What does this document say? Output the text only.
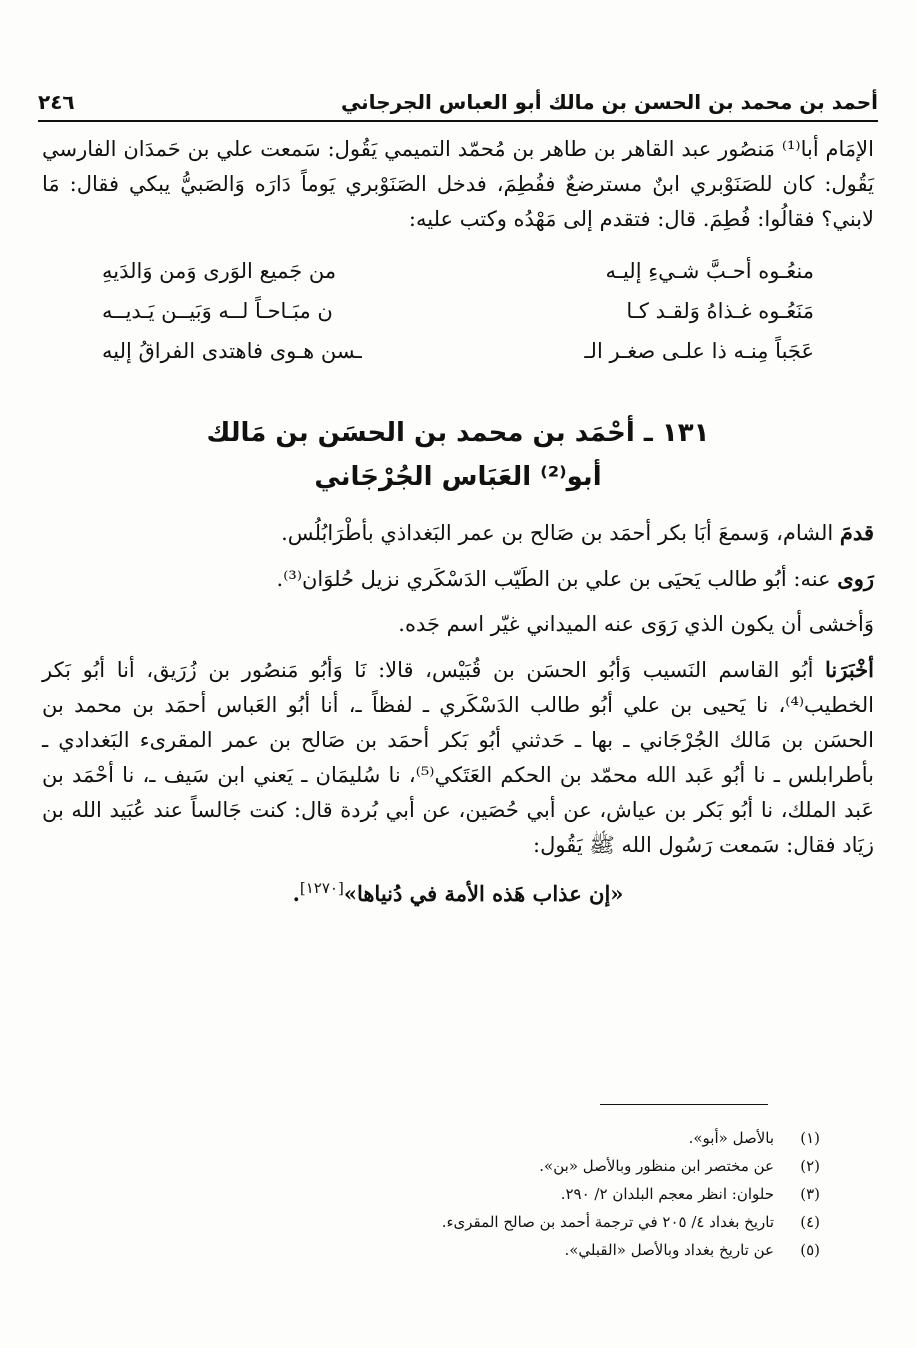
أحمد بن محمد بن الحسن بن مالك أبو العباس الجرجاني
٢٤٦

الإمَام أبا⁽¹⁾ مَنصُور عبد القاهر بن طاهر بن مُحمّد التميمي يَقُول: سَمعت علي بن حَمدَان الفارسي يَقُول: كان للصَنَوْبري ابنٌ مسترضعٌ ففُطِمَ، فدخل الصَنَوْبري يَوماً دَارَه وَالصَبيُّ يبكي فقال: مَا لابني؟ فقالُوا: فُطِمَ. قال: فتقدم إلى مَهْدُه وكتب عليه:

منعُـوه أحـبَّ شـيءِ إليـه
من جَميع الوَرى وَمن وَالدَيهِ
مَنَعُـوه غـذاهُ وَلقـد كـا
ن مبَـاحـاً لــه وَبَيــن يَـديــه
عَجَباً مِنـه ذا علـى صغـر الـ
ـسن هـوى فاهتدى الفراقُ إليه
١٣١ ـ أحْمَد بن محمد بن الحسَن بن مَالك
أبو⁽²⁾ العَبَاس الجُرْجَاني

قدمَ الشام، وَسمعَ أبَا بكر أحمَد بن صَالح بن عمر البَغداذي بأطْرَابُلُس.

رَوى عنه: أبُو طالب يَحيَى بن علي بن الطَيّب الدَسْكَري نزيل حُلوَان⁽³⁾.

وَأخشى أن يكون الذي رَوَى عنه الميداني غيّر اسم جَده.

أخْبَرَنا أبُو القاسم النَسيب وَأبُو الحسَن بن قُبَيْس، قالا: نَا وَأبُو مَنصُور بن زُرَيق، أنا أبُو بَكر الخطيب⁽⁴⁾، نا يَحيى بن علي أبُو طالب الدَسْكَري ـ لفظاً ـ، أنا أبُو العَباس أحمَد بن محمد بن الحسَن بن مَالك الجُرْجَاني ـ بها ـ حَدثني أبُو بَكر أحمَد بن صَالح بن عمر المقرىء البَغدادي ـ بأطرابلس ـ نا أبُو عَبد الله محمّد بن الحكم العَتَكي⁽⁵⁾، نا سُليمَان ـ يَعني ابن سَيف ـ، نا أحْمَد بن عَبد الملك، نا أبُو بَكر بن عياش، عن أبي حُصَين، عن أبي بُردة قال: كنت جَالساً عند عُبَيد الله بن زيَاد فقال: سَمعت رَسُول الله ﷺ يَقُول:

«إن عذاب هَذه الأمة في دُنياها»[١٢٧٠].
(١)
بالأصل «أبو».
(٢)
عن مختصر ابن منظور وبالأصل «بن».
(٣)
حلوان: انظر معجم البلدان ٢/ ٢٩٠.
(٤)
تاريخ بغداد ٤/ ٢٠٥ في ترجمة أحمد بن صالح المقرىء.
(٥)
عن تاريخ بغداد وبالأصل «القبلي».
